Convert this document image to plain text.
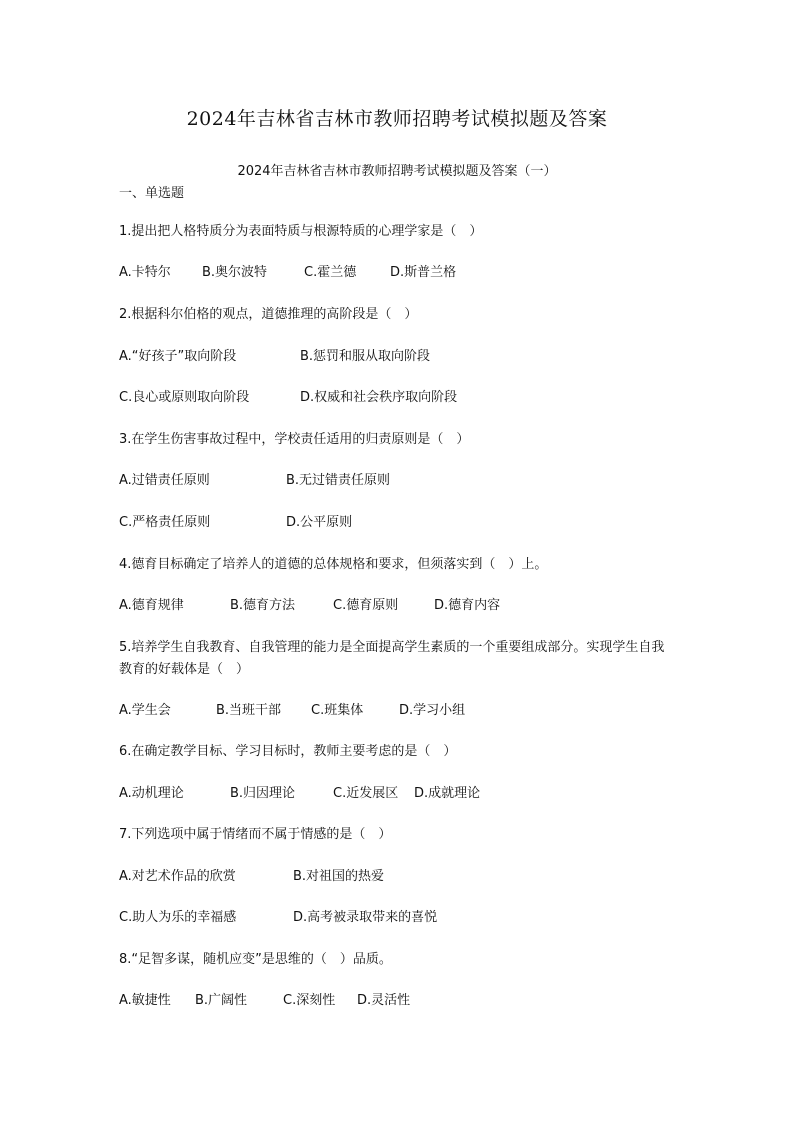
2024年吉林省吉林市教师招聘考试模拟题及答案
2024年吉林省吉林市教师招聘考试模拟题及答案（一）
一、单选题
1.提出把人格特质分为表面特质与根源特质的心理学家是（　）
A.卡特尔 B.奥尔波特	C.霍兰德	D.斯普兰格
2.根据科尔伯格的观点，道德推理的高阶段是（　）
A.“好孩子”取向阶段	B.惩罚和服从取向阶段
C.良心或原则取向阶段	D.权威和社会秩序取向阶段
3.在学生伤害事故过程中，学校责任适用的归责原则是（　）
A.过错责任原则	B.无过错责任原则
C.严格责任原则	D.公平原则
4.德育目标确定了培养人的道德的总体规格和要求，但须落实到（　）上。
A.德育规律	B.德育方法	C.德育原则	D.德育内容
5.培养学生自我教育、自我管理的能力是全面提高学生素质的一个重要组成部分。实现学生自我教育的好载体是（　）
A.学生会	B.当班干部 C.班集体	D.学习小组
6.在确定教学目标、学习目标时，教师主要考虑的是（　）
A.动机理论	B.归因理论	C.近发展区 D.成就理论
7.下列选项中属于情绪而不属于情感的是（　）
A.对艺术作品的欣赏	B.对祖国的热爱
C.助人为乐的幸福感	D.高考被录取带来的喜悦
8.“足智多谋，随机应变”是思维的（　）品质。
A.敏捷性 B.广阔性	C.深刻性 D.灵活性
